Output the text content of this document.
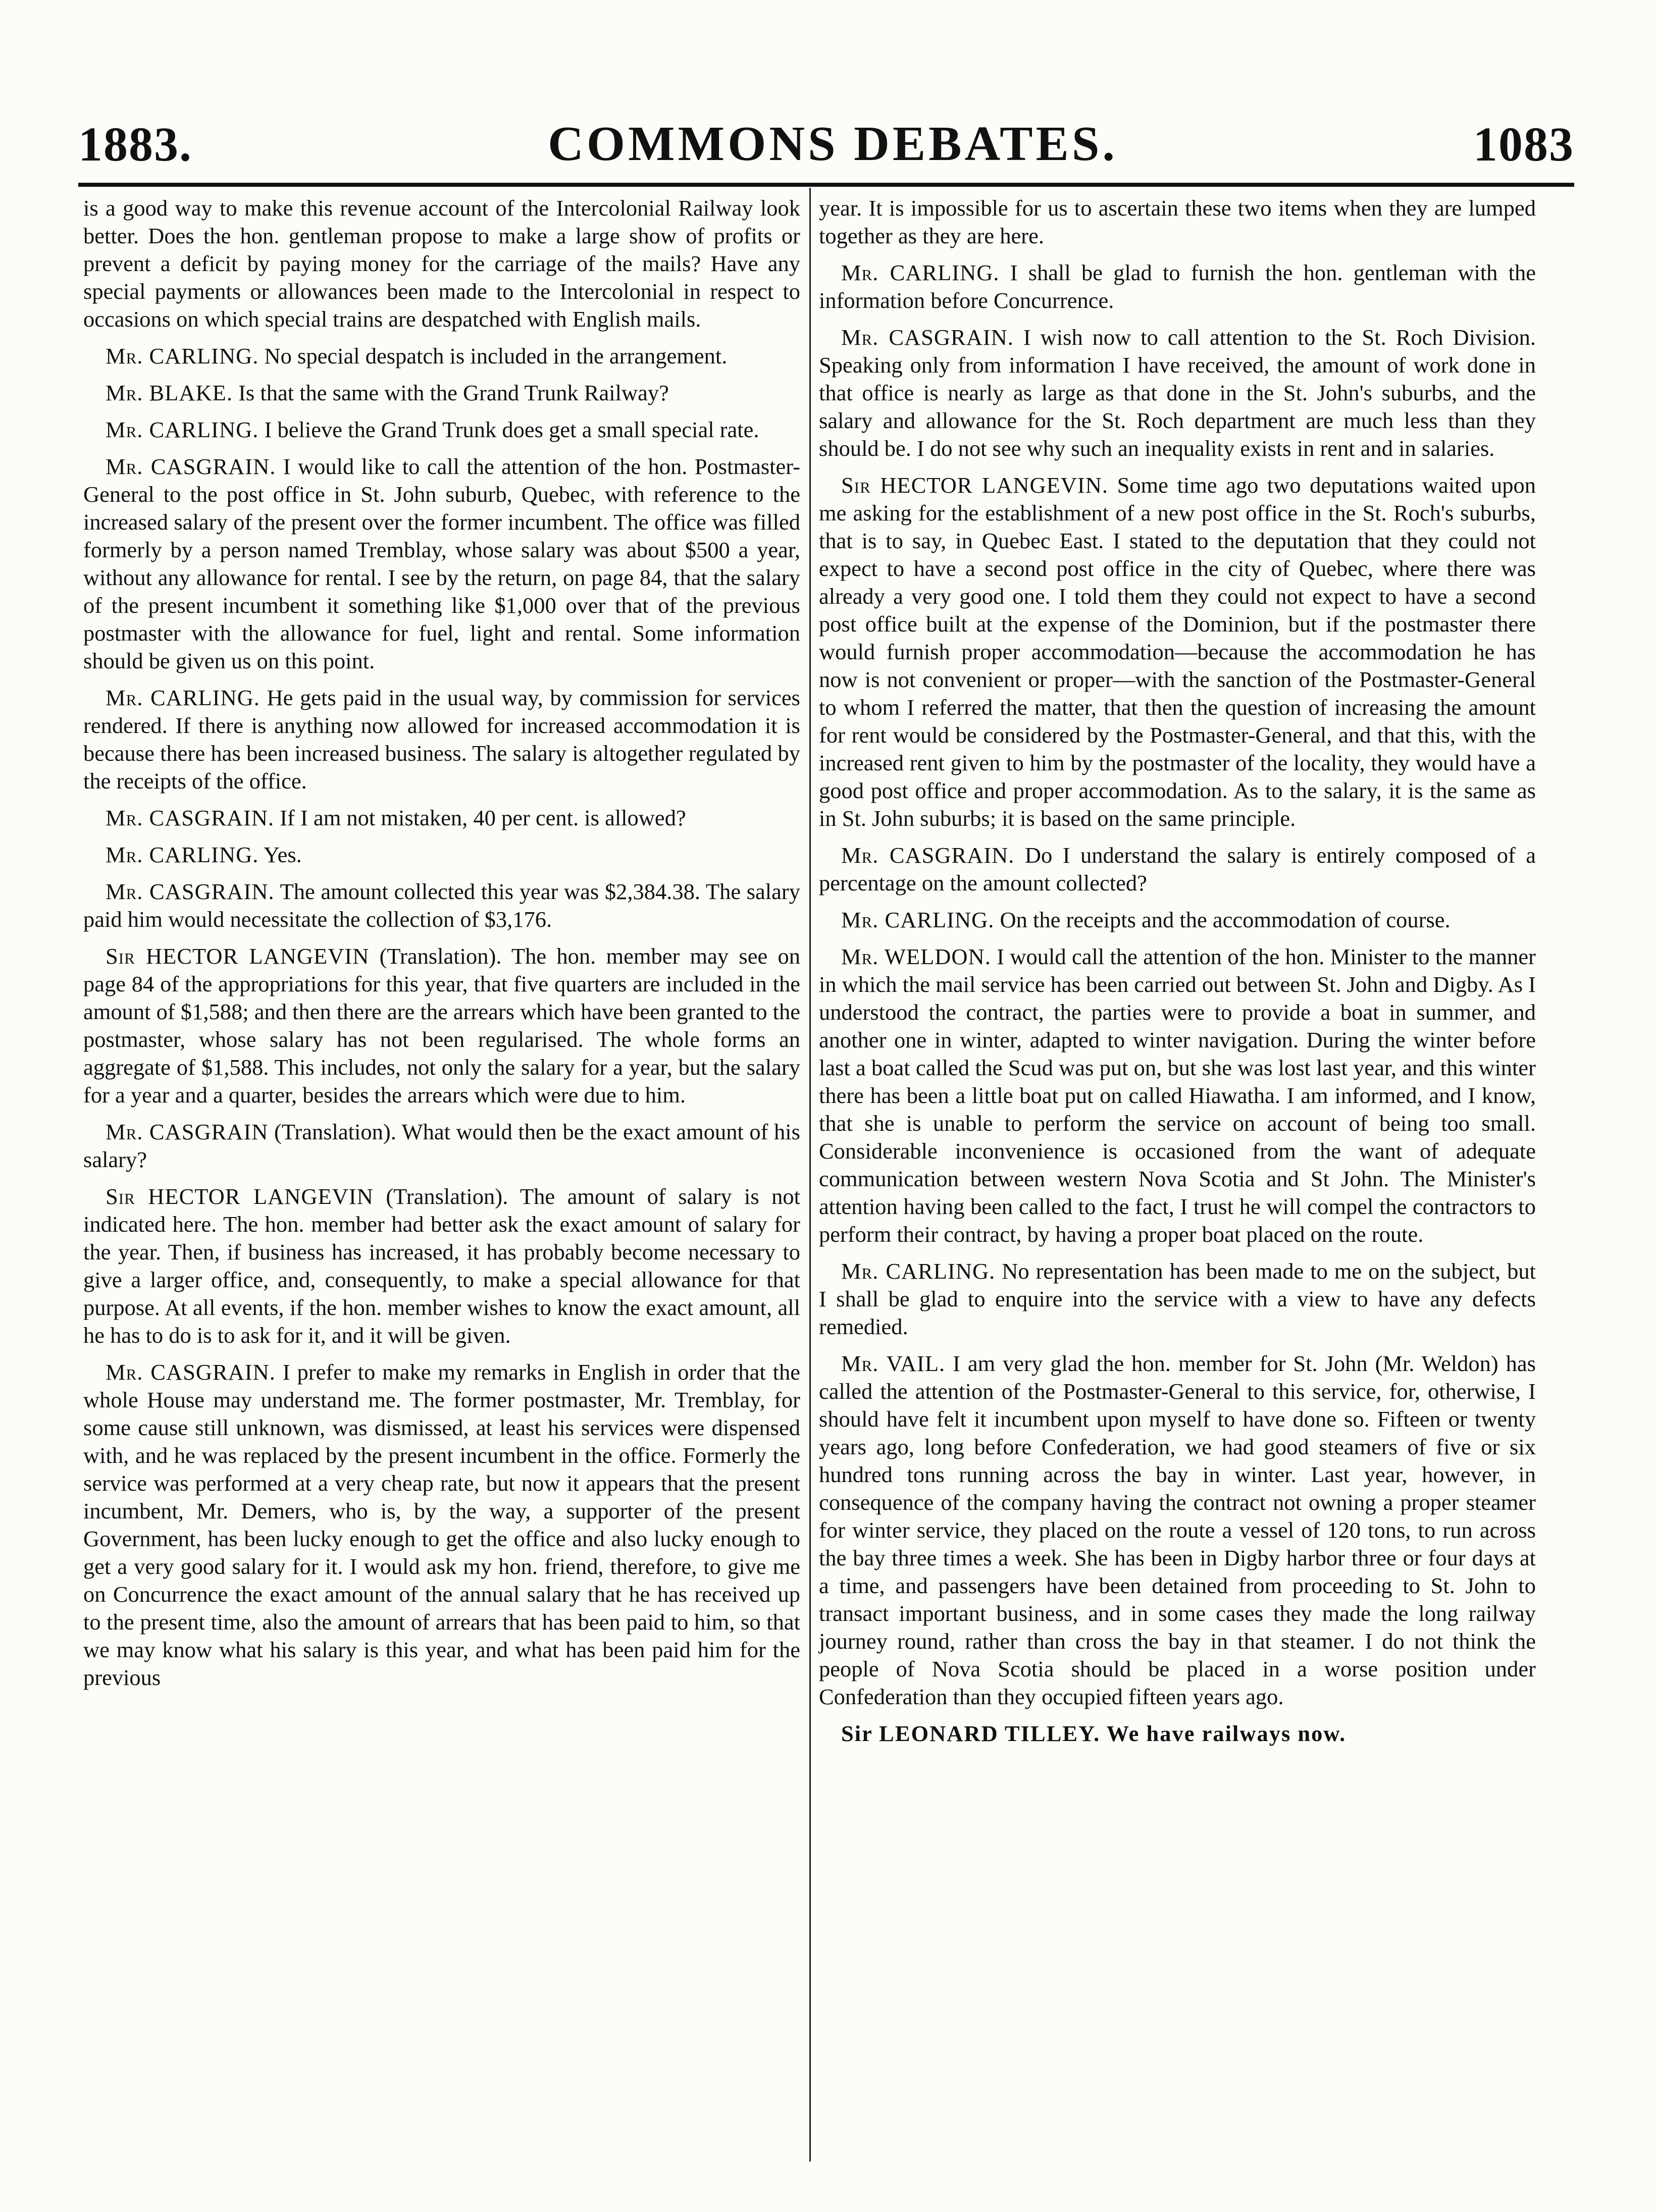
1883.	COMMONS DEBATES.	1083

is a good way to make this revenue account of the Intercolonial Railway look better. Does the hon. gentleman propose to make a large show of profits or prevent a deficit by paying money for the carriage of the mails? Have any special payments or allowances been made to the Intercolonial in respect to occasions on which special trains are despatched with English mails.

Mr. CARLING. No special despatch is included in the arrangement.

Mr. BLAKE. Is that the same with the Grand Trunk Railway?

Mr. CARLING. I believe the Grand Trunk does get a small special rate.

Mr. CASGRAIN. I would like to call the attention of the hon. Postmaster-General to the post office in St. John suburb, Quebec, with reference to the increased salary of the present over the former incumbent. The office was filled formerly by a person named Tremblay, whose salary was about $500 a year, without any allowance for rental. I see by the return, on page 84, that the salary of the present incumbent it something like $1,000 over that of the previous postmaster with the allowance for fuel, light and rental. Some information should be given us on this point.

Mr. CARLING. He gets paid in the usual way, by commission for services rendered. If there is anything now allowed for increased accommodation it is because there has been increased business. The salary is altogether regulated by the receipts of the office.

Mr. CASGRAIN. If I am not mistaken, 40 per cent. is allowed?

Mr. CARLING. Yes.

Mr. CASGRAIN. The amount collected this year was $2,384.38. The salary paid him would necessitate the collection of $3,176.

Sir HECTOR LANGEVIN (Translation). The hon. member may see on page 84 of the appropriations for this year, that five quarters are included in the amount of $1,588; and then there are the arrears which have been granted to the postmaster, whose salary has not been regularised. The whole forms an aggregate of $1,588. This includes, not only the salary for a year, but the salary for a year and a quarter, besides the arrears which were due to him.

Mr. CASGRAIN (Translation). What would then be the exact amount of his salary?

Sir HECTOR LANGEVIN (Translation). The amount of salary is not indicated here. The hon. member had better ask the exact amount of salary for the year. Then, if business has increased, it has probably become necessary to give a larger office, and, consequently, to make a special allowance for that purpose. At all events, if the hon. member wishes to know the exact amount, all he has to do is to ask for it, and it will be given.

Mr. CASGRAIN. I prefer to make my remarks in English in order that the whole House may understand me. The former postmaster, Mr. Tremblay, for some cause still unknown, was dismissed, at least his services were dispensed with, and he was replaced by the present incumbent in the office. Formerly the service was performed at a very cheap rate, but now it appears that the present incumbent, Mr. Demers, who is, by the way, a supporter of the present Government, has been lucky enough to get the office and also lucky enough to get a very good salary for it. I would ask my hon. friend, therefore, to give me on Concurrence the exact amount of the annual salary that he has received up to the present time, also the amount of arrears that has been paid to him, so that we may know what his salary is this year, and what has been paid him for the previous

year. It is impossible for us to ascertain these two items when they are lumped together as they are here.

Mr. CARLING. I shall be glad to furnish the hon. gentleman with the information before Concurrence.

Mr. CASGRAIN. I wish now to call attention to the St. Roch Division. Speaking only from information I have received, the amount of work done in that office is nearly as large as that done in the St. John's suburbs, and the salary and allowance for the St. Roch department are much less than they should be. I do not see why such an inequality exists in rent and in salaries.

Sir HECTOR LANGEVIN. Some time ago two deputations waited upon me asking for the establishment of a new post office in the St. Roch's suburbs, that is to say, in Quebec East. I stated to the deputation that they could not expect to have a second post office in the city of Quebec, where there was already a very good one. I told them they could not expect to have a second post office built at the expense of the Dominion, but if the postmaster there would furnish proper accommodation—because the accommodation he has now is not convenient or proper—with the sanction of the Postmaster-General to whom I referred the matter, that then the question of increasing the amount for rent would be considered by the Postmaster-General, and that this, with the increased rent given to him by the postmaster of the locality, they would have a good post office and proper accommodation. As to the salary, it is the same as in St. John suburbs; it is based on the same principle.

Mr. CASGRAIN. Do I understand the salary is entirely composed of a percentage on the amount collected?

Mr. CARLING. On the receipts and the accommodation of course.

Mr. WELDON. I would call the attention of the hon. Minister to the manner in which the mail service has been carried out between St. John and Digby. As I understood the contract, the parties were to provide a boat in summer, and another one in winter, adapted to winter navigation. During the winter before last a boat called the Scud was put on, but she was lost last year, and this winter there has been a little boat put on called Hiawatha. I am informed, and I know, that she is unable to perform the service on account of being too small. Considerable inconvenience is occasioned from the want of adequate communication between western Nova Scotia and St John. The Minister's attention having been called to the fact, I trust he will compel the contractors to perform their contract, by having a proper boat placed on the route.

Mr. CARLING. No representation has been made to me on the subject, but I shall be glad to enquire into the service with a view to have any defects remedied.

Mr. VAIL. I am very glad the hon. member for St. John (Mr. Weldon) has called the attention of the Postmaster-General to this service, for, otherwise, I should have felt it incumbent upon myself to have done so. Fifteen or twenty years ago, long before Confederation, we had good steamers of five or six hundred tons running across the bay in winter. Last year, however, in consequence of the company having the contract not owning a proper steamer for winter service, they placed on the route a vessel of 120 tons, to run across the bay three times a week. She has been in Digby harbor three or four days at a time, and passengers have been detained from proceeding to St. John to transact important business, and in some cases they made the long railway journey round, rather than cross the bay in that steamer. I do not think the people of Nova Scotia should be placed in a worse position under Confederation than they occupied fifteen years ago.

Sir LEONARD TILLEY. We have railways now.
